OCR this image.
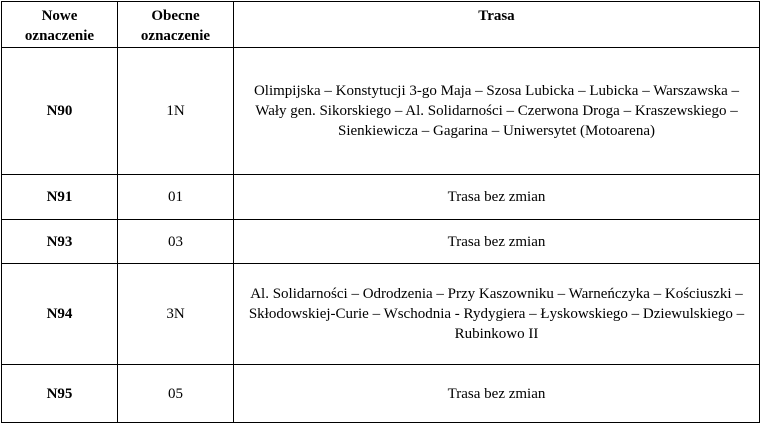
Nowe oznaczenie	Obecne oznaczenie	Trasa
N90	1N	Olimpijska – Konstytucji 3-go Maja – Szosa Lubicka – Lubicka – Warszawska – Wały gen. Sikorskiego – Al. Solidarności – Czerwona Droga – Kraszewskiego – Sienkiewicza – Gagarina – Uniwersytet (Motoarena)
N91	01	Trasa bez zmian
N93	03	Trasa bez zmian
N94	3N	Al. Solidarności – Odrodzenia – Przy Kaszowniku – Warneńczyka – Kościuszki – Skłodowskiej-Curie – Wschodnia - Rydygiera – Łyskowskiego – Dziewulskiego – Rubinkowo II
N95	05	Trasa bez zmian
